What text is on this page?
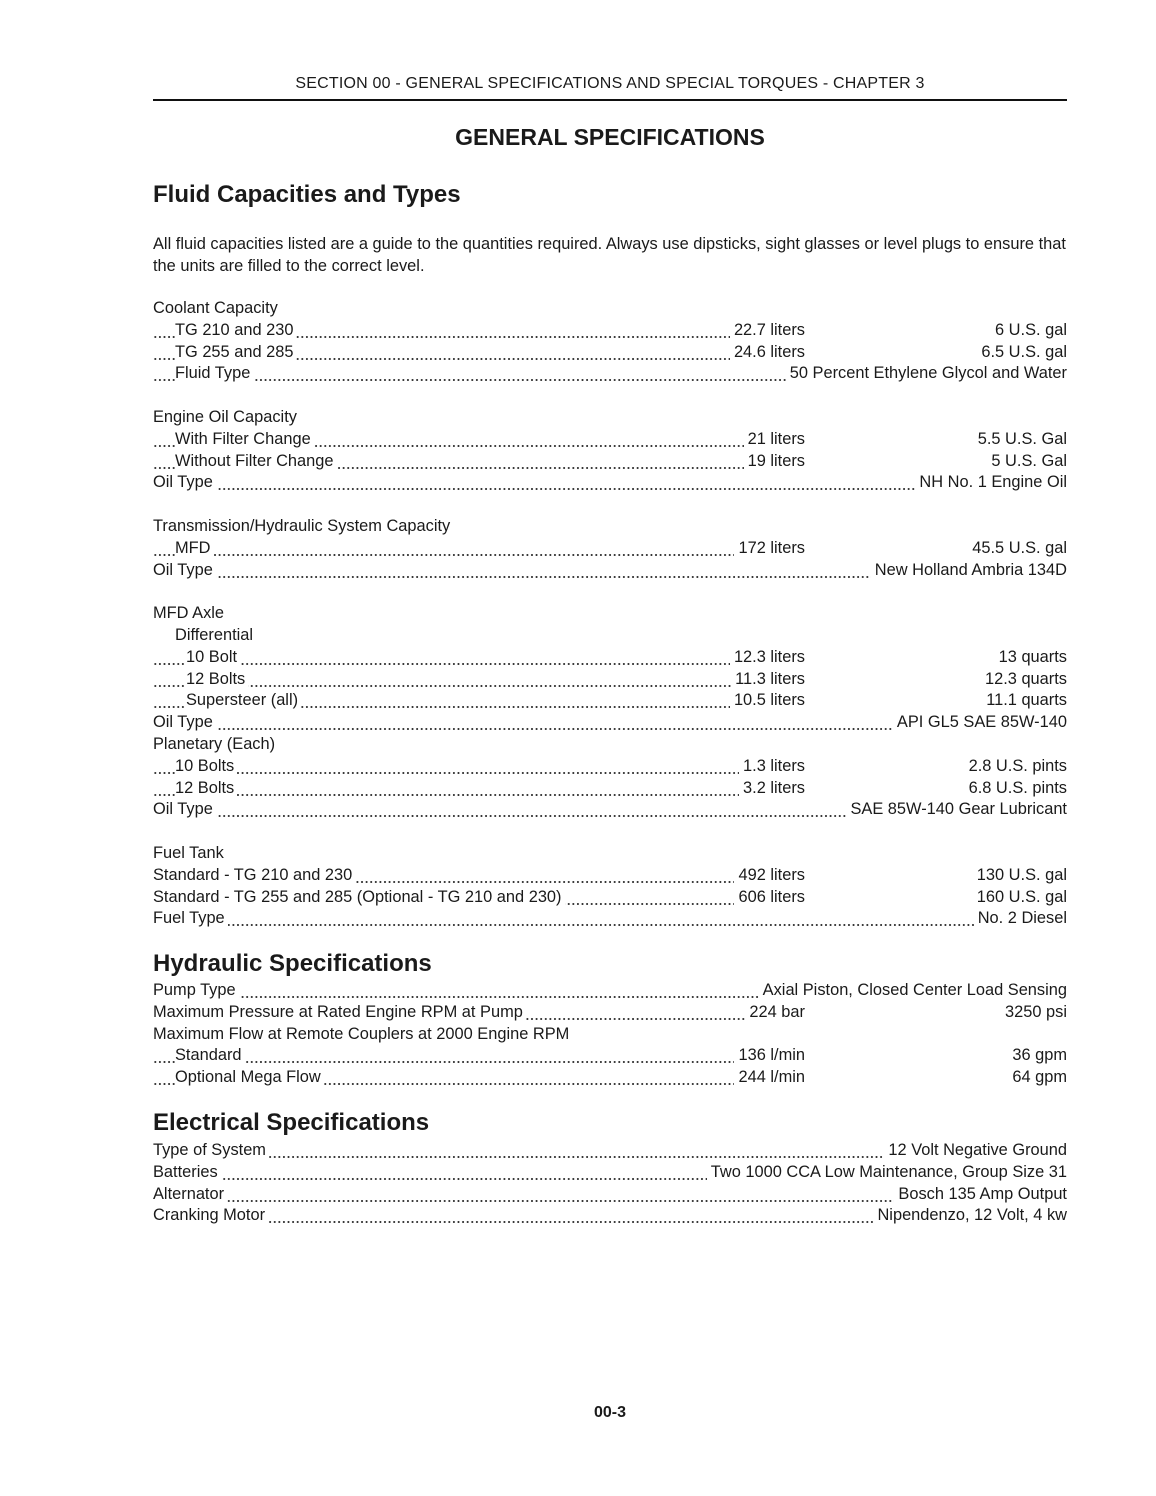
SECTION 00 - GENERAL SPECIFICATIONS AND SPECIAL TORQUES - CHAPTER 3
GENERAL SPECIFICATIONS
Fluid Capacities and Types

All fluid capacities listed are a guide to the quantities required. Always use dipsticks, sight glasses or level plugs to ensure that the units are filled to the correct level.

Coolant Capacity
TG 210 and 230	22.7 liters	6 U.S. gal
TG 255 and 285	24.6 liters	6.5 U.S. gal
Fluid Type	50 Percent Ethylene Glycol and Water
Engine Oil Capacity
With Filter Change	21 liters	5.5 U.S. Gal
Without Filter Change	19 liters	5 U.S. Gal
Oil Type	NH No. 1 Engine Oil
Transmission/Hydraulic System Capacity
MFD	172 liters	45.5 U.S. gal
Oil Type	New Holland Ambria 134D
MFD Axle
Differential
10 Bolt	12.3 liters	13 quarts
12 Bolts	11.3 liters	12.3 quarts
Supersteer (all)	10.5 liters	11.1 quarts
Oil Type	API GL5 SAE 85W-140
Planetary (Each)
10 Bolts	1.3 liters	2.8 U.S. pints
12 Bolts	3.2 liters	6.8 U.S. pints
Oil Type	SAE 85W-140 Gear Lubricant
Fuel Tank
Standard - TG 210 and 230	492 liters	130 U.S. gal
Standard - TG 255 and 285 (Optional - TG 210 and 230)	606 liters	160 U.S. gal
Fuel Type	No. 2 Diesel
Hydraulic Specifications
Pump Type	Axial Piston, Closed Center Load Sensing
Maximum Pressure at Rated Engine RPM at Pump	224 bar	3250 psi
Maximum Flow at Remote Couplers at 2000 Engine RPM
Standard	136 l/min	36 gpm
Optional Mega Flow	244 l/min	64 gpm
Electrical Specifications
Type of System	12 Volt Negative Ground
Batteries	Two 1000 CCA Low Maintenance, Group Size 31
Alternator	Bosch 135 Amp Output
Cranking Motor	Nipendenzo, 12 Volt, 4 kw
00-3
